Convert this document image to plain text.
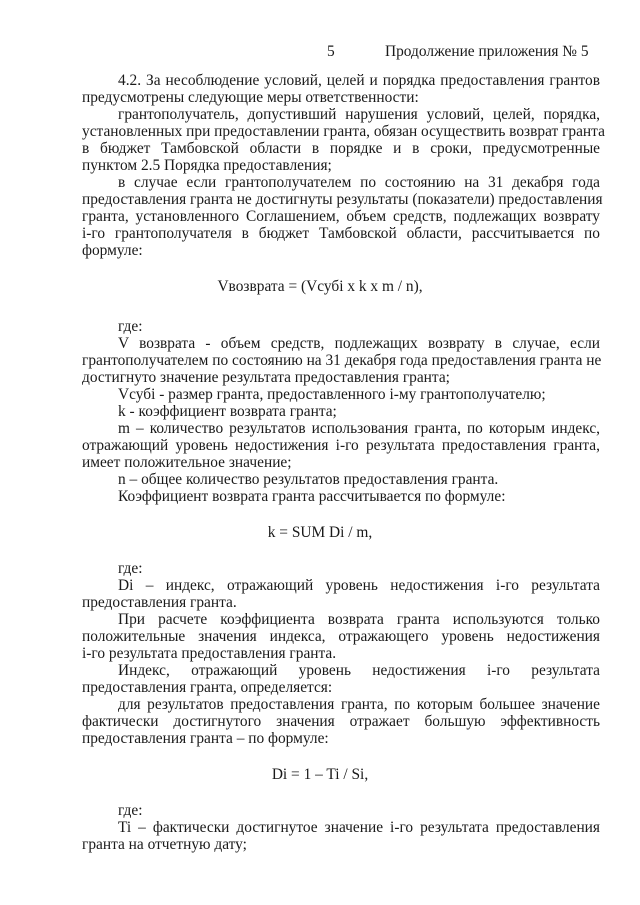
5	Продолжение приложения № 5
4.2. За несоблюдение условий, целей и порядка предоставления грантов
предусмотрены следующие меры ответственности:
грантополучатель, допустивший нарушения условий, целей, порядка,
установленных при предоставлении гранта, обязан осуществить возврат гранта
в бюджет Тамбовской области в порядке и в сроки, предусмотренные
пунктом 2.5 Порядка предоставления;
в случае если грантополучателем по состоянию на 31 декабря года
предоставления гранта не достигнуты результаты (показатели) предоставления
гранта, установленного Соглашением, объем средств, подлежащих возврату
i-го грантополучателя в бюджет Тамбовской области, рассчитывается по
формуле:
Vвозврата = (Vсубi x k x m / n),
где:
V возврата - объем средств, подлежащих возврату в случае, если
грантополучателем по состоянию на 31 декабря года предоставления гранта не
достигнуто значение результата предоставления гранта;
Vсубi - размер гранта, предоставленного i-му грантополучателю;
k - коэффициент возврата гранта;
m – количество результатов использования гранта, по которым индекс,
отражающий уровень недостижения i-го результата предоставления гранта,
имеет положительное значение;
n – общее количество результатов предоставления гранта.
Коэффициент возврата гранта рассчитывается по формуле:
k = SUM Di / m,
где:
Di – индекс, отражающий уровень недостижения i-го результата
предоставления гранта.
При расчете коэффициента возврата гранта используются только
положительные значения индекса, отражающего уровень недостижения
i-го результата предоставления гранта.
Индекс, отражающий уровень недостижения i-го результата
предоставления гранта, определяется:
для результатов предоставления гранта, по которым большее значение
фактически достигнутого значения отражает большую эффективность
предоставления гранта – по формуле:
Di = 1 – Ti / Si,
где:
Ti – фактически достигнутое значение i-го результата предоставления
гранта на отчетную дату;
